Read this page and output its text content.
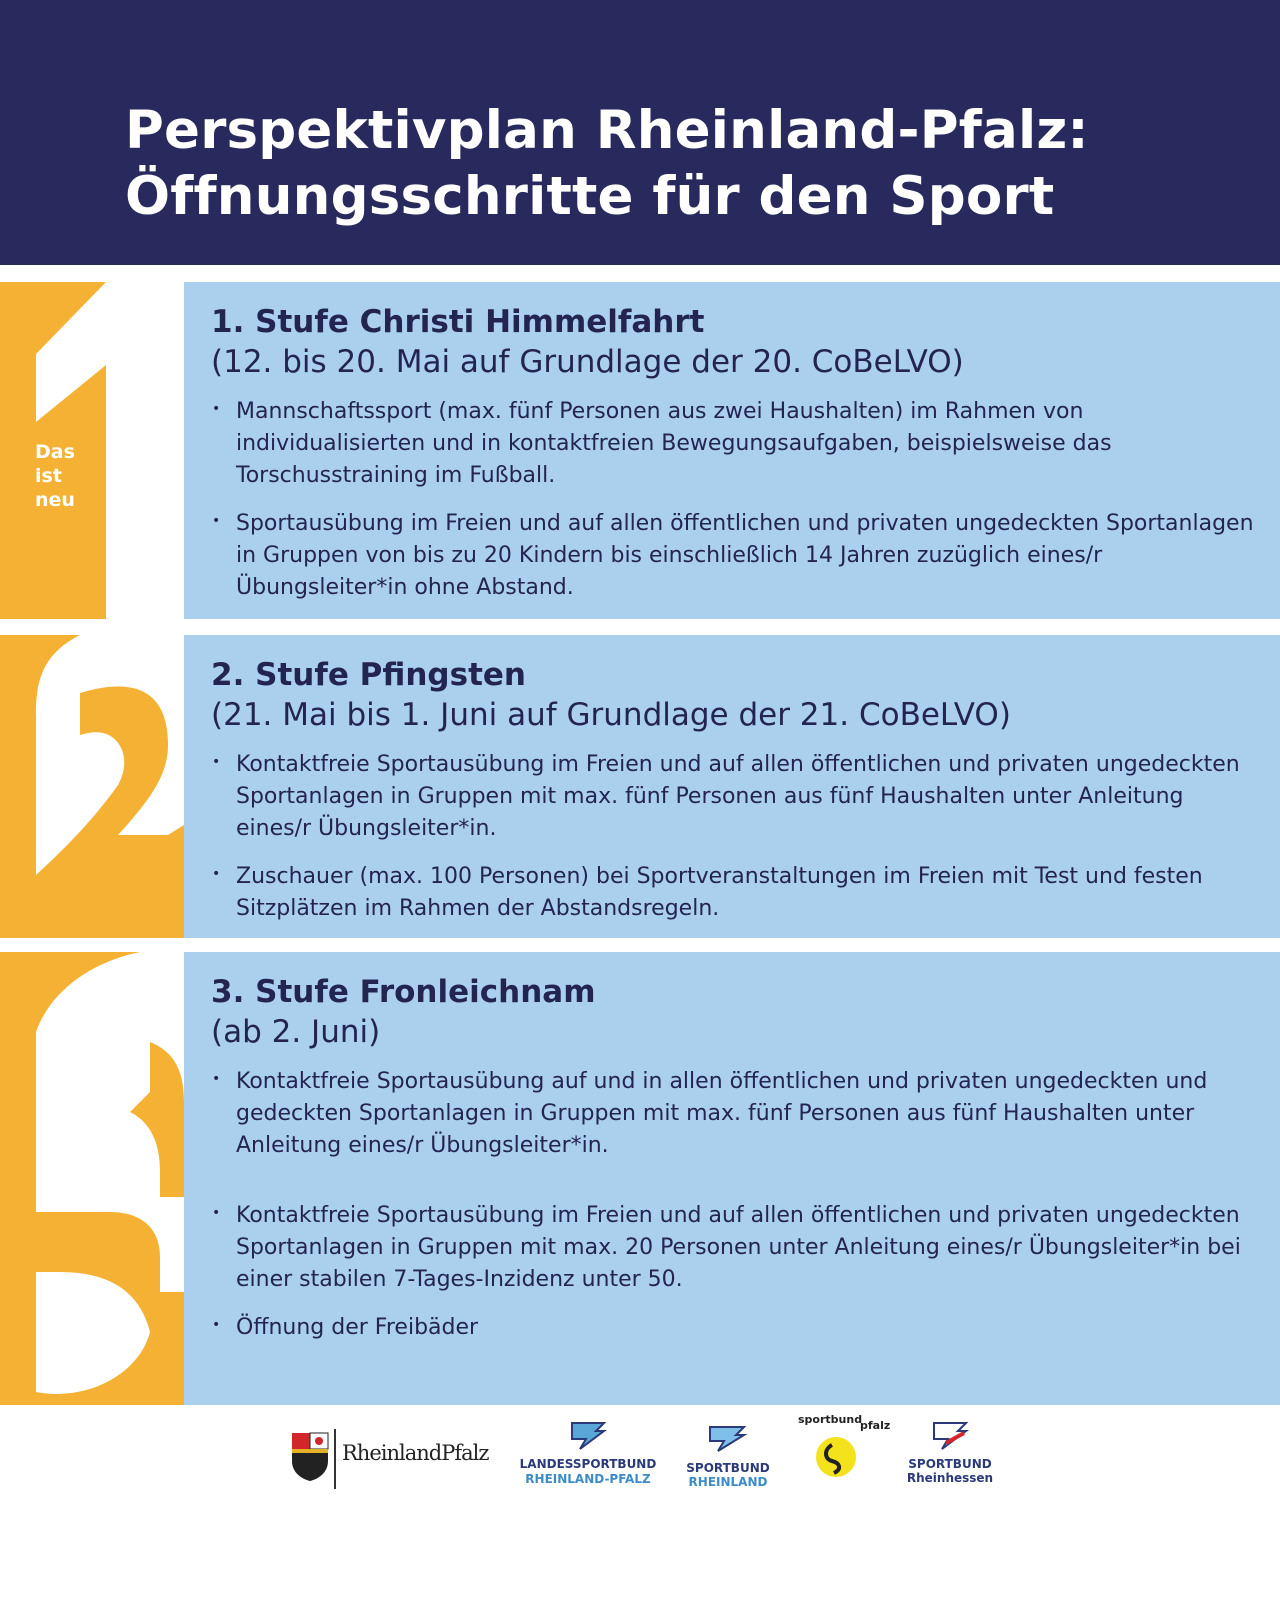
Perspektivplan Rheinland-Pfalz:
Öffnungsschritte für den Sport
Das
ist
neu
1. Stufe Christi Himmelfahrt

(12. bis 20. Mai auf Grundlage der 20. CoBeLVO)

• Mannschaftssport (max. fünf Personen aus zwei Haushalten) im Rahmen von individualisierten und in kontaktfreien Bewegungsaufgaben, beispielsweise das Torschusstraining im Fußball.
• Sportausübung im Freien und auf allen öffentlichen und privaten ungedeckten Sportanlagen in Gruppen von bis zu 20 Kindern bis einschließlich 14 Jahren zuzüglich eines/r Übungsleiter*in ohne Abstand.
Das
ist
neu
2. Stufe Pfingsten

(21. Mai bis 1. Juni auf Grundlage der 21. CoBeLVO)

• Kontaktfreie Sportausübung im Freien und auf allen öffentlichen und privaten ungedeckten Sportanlagen in Gruppen mit max. fünf Personen aus fünf Haushalten unter Anleitung eines/r Übungsleiter*in.
• Zuschauer (max. 100 Personen) bei Sportveranstaltungen im Freien mit Test und festen Sitzplätzen im Rahmen der Abstandsregeln.
Das
ist
neu
3. Stufe Fronleichnam

(ab 2. Juni)

• Kontaktfreie Sportausübung auf und in allen öffentlichen und privaten ungedeckten und gedeckten Sportanlagen in Gruppen mit max. fünf Personen aus fünf Haushalten unter Anleitung eines/r Übungsleiter*in.
• Kontaktfreie Sportausübung im Freien und auf allen öffentlichen und privaten ungedeckten Sportanlagen in Gruppen mit max. 20 Personen unter Anleitung eines/r Übungsleiter*in bei einer stabilen 7-Tages-Inzidenz unter 50.
• Öffnung der Freibäder
RheinlandPfalz	LANDESSPORTBUND
RHEINLAND-PFALZ
SPORTBUND
RHEINLAND
sportbund
pfalz
SPORTBUND
Rheinhessen
